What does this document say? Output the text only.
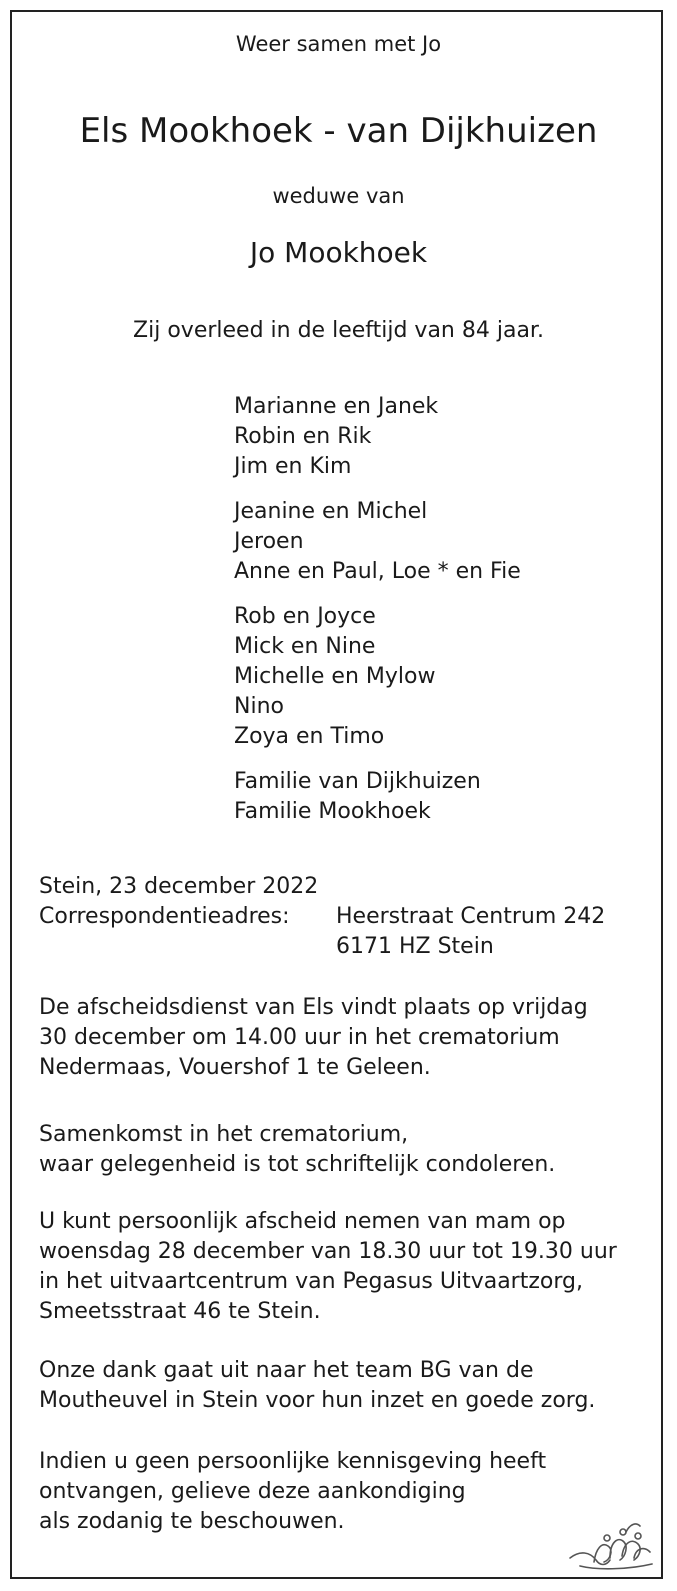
Weer samen met Jo
Els Mookhoek - van Dijkhuizen
weduwe van
Jo Mookhoek
Zij overleed in de leeftijd van 84 jaar.
Marianne en Janek
Robin en Rik
Jim en Kim
Jeanine en Michel
Jeroen
Anne en Paul, Loe * en Fie
Rob en Joyce
Mick en Nine
Michelle en Mylow
Nino
Zoya en Timo
Familie van Dijkhuizen
Familie Mookhoek
Stein, 23 december 2022
Correspondentieadres: Heerstraat Centrum 242
6171 HZ Stein
De afscheidsdienst van Els vindt plaats op vrijdag
30 december om 14.00 uur in het crematorium
Nedermaas, Vouershof 1 te Geleen.
Samenkomst in het crematorium,
waar gelegenheid is tot schriftelijk condoleren.
U kunt persoonlijk afscheid nemen van mam op
woensdag 28 december van 18.30 uur tot 19.30 uur
in het uitvaartcentrum van Pegasus Uitvaartzorg,
Smeetsstraat 46 te Stein.
Onze dank gaat uit naar het team BG van de
Moutheuvel in Stein voor hun inzet en goede zorg.
Indien u geen persoonlijke kennisgeving heeft
ontvangen, gelieve deze aankondiging
als zodanig te beschouwen.
